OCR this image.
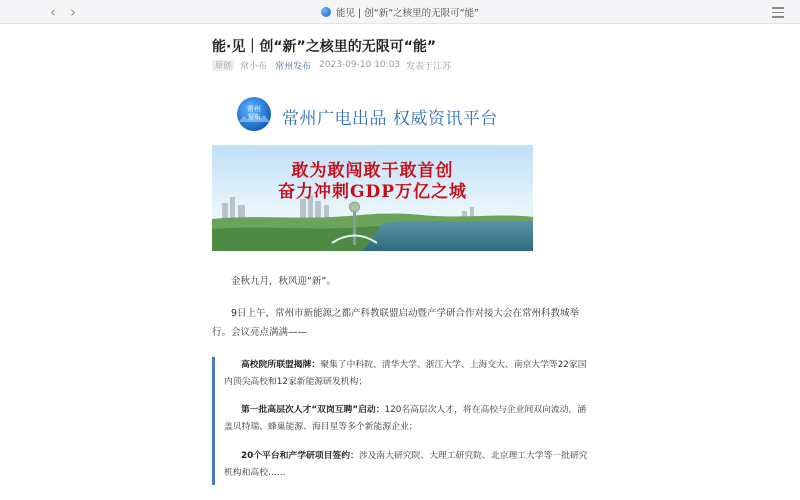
‹ ›	能见 | 创“新”之核里的无限可“能”
能·见｜创“新”之核里的无限可“能”
原创	常小布 常州发布 2023-09-10 10:03 发表于江苏
常州
发布 常州广电出品 权威资讯平台
敢为敢闯敢干敢首创
奋力冲刺GDP万亿之城

金秋九月，秋风迎“新”。

9日上午，常州市新能源之都产科教联盟启动暨产学研合作对接大会在常州科教城举行。会议亮点满满——

高校院所联盟揭牌：聚集了中科院、清华大学、浙江大学、上海交大、南京大学等22家国内顶尖高校和12家新能源研发机构；

第一批高层次人才“双岗互聘”启动：120名高层次人才，将在高校与企业间双向流动，涵盖贝特瑞、蜂巢能源、海目星等多个新能源企业；

20个平台和产学研项目签约：涉及南大研究院、大理工研究院、北京理工大学等一批研究机构和高校……
